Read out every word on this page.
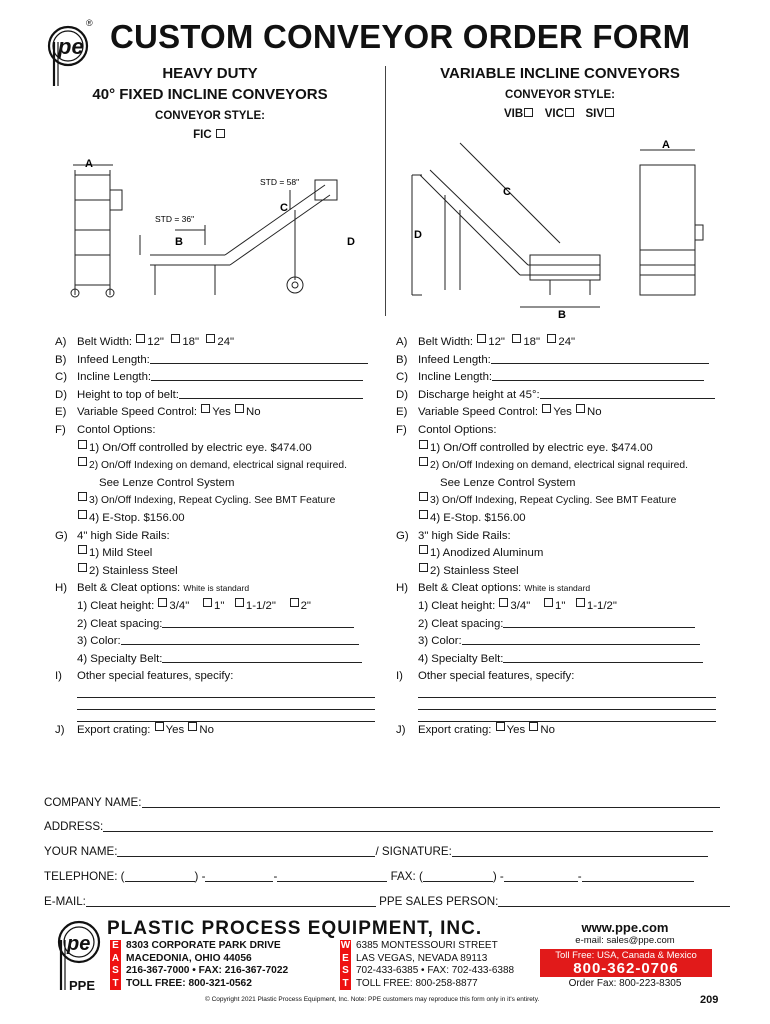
pe
® CUSTOM CONVEYOR ORDER FORM
HEAVY DUTY
40° FIXED INCLINE CONVEYORS
CONVEYOR STYLE:
FIC
VARIABLE INCLINE CONVEYORS
CONVEYOR STYLE:
VIB VIC SIV
A
B
C
D
STD = 58"
STD = 36"
A
B
C
D
A) Belt Width:
12"
18"
24"
B) Infeed Length:
C) Incline Length:
D) Height to top of belt:
E) Variable Speed Control:
Yes
No
F) Contol Options:
1) On/Off controlled by electric eye. $474.00
2) On/Off Indexing on demand, electrical signal required.
See Lenze Control System
3) On/Off Indexing, Repeat Cycling. See BMT Feature
4) E-Stop. $156.00
G) 4" high Side Rails:
1) Mild Steel
2) Stainless Steel
H) Belt & Cleat options:
White is standard
1) Cleat height:
3/4"
1"
1-1/2"
2"
2) Cleat spacing:
3) Color:
4) Specialty Belt:
I)	Other special features, specify:
J)	Export crating:
Yes
No
A) Belt Width:
12"
18"
24"
B) Infeed Length:
C) Incline Length:
D) Discharge height at 45°:
E) Variable Speed Control:
Yes
No
F) Contol Options:
1) On/Off controlled by electric eye. $474.00
2) On/Off Indexing on demand, electrical signal required.
See Lenze Control System
3) On/Off Indexing, Repeat Cycling. See BMT Feature
4) E-Stop. $156.00
G) 3" high Side Rails:
1) Anodized Aluminum
2) Stainless Steel
H) Belt & Cleat options:
White is standard
1) Cleat height:
3/4"
1"
1-1/2"
2) Cleat spacing:
3) Color:
4) Specialty Belt:
I)	Other special features, specify:
J)	Export crating:
Yes
No
COMPANY NAME:
ADDRESS:
YOUR NAME:	/ SIGNATURE:
TELEPHONE: (	) -	-
	FAX: (	) -	-
E-MAIL:
	PPE SALES PERSON:
pe
PPE
PLASTIC PROCESS EQUIPMENT, INC.
E
A
S
T
8303 CORPORATE PARK DRIVE
MACEDONIA, OHIO 44056
216-367-7000 • FAX: 216-367-7022
TOLL FREE: 800-321-0562
W
E
S
T
6385 MONTESSOURI STREET
LAS VEGAS, NEVADA 89113
702-433-6385 • FAX: 702-433-6388
TOLL FREE: 800-258-8877
www.ppe.com
e-mail: sales@ppe.com
Toll Free: USA, Canada & Mexico
800-362-0706
Order Fax: 800-223-8305
© Copyright 2021 Plastic Process Equipment, Inc. Note: PPE customers may reproduce this form only in it's entirety.	209
